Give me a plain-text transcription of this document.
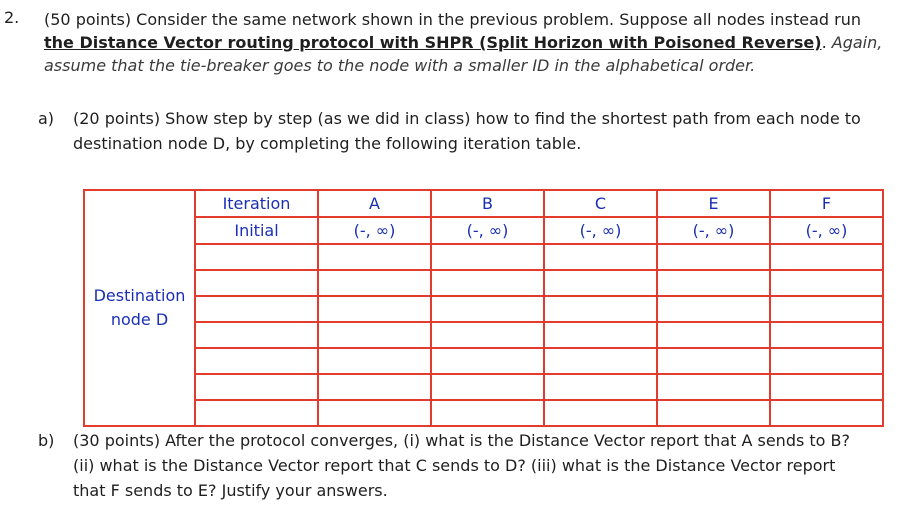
2. (50 points) Consider the same network shown in the previous problem. Suppose all nodes instead run the Distance Vector routing protocol with SHPR (Split Horizon with Poisoned Reverse). Again, assume that the tie-breaker goes to the node with a smaller ID in the alphabetical order.
a) (20 points) Show step by step (as we did in class) how to find the shortest path from each node to
destination node D, by completing the following iteration table.
Destination
node D	Iteration	A	B	C	E	F
	Initial	(-, ∞)	(-, ∞)	(-, ∞)	(-, ∞)	(-, ∞)

b) (30 points) After the protocol converges, (i) what is the Distance Vector report that A sends to B?
(ii) what is the Distance Vector report that C sends to D? (iii) what is the Distance Vector report
that F sends to E? Justify your answers.
